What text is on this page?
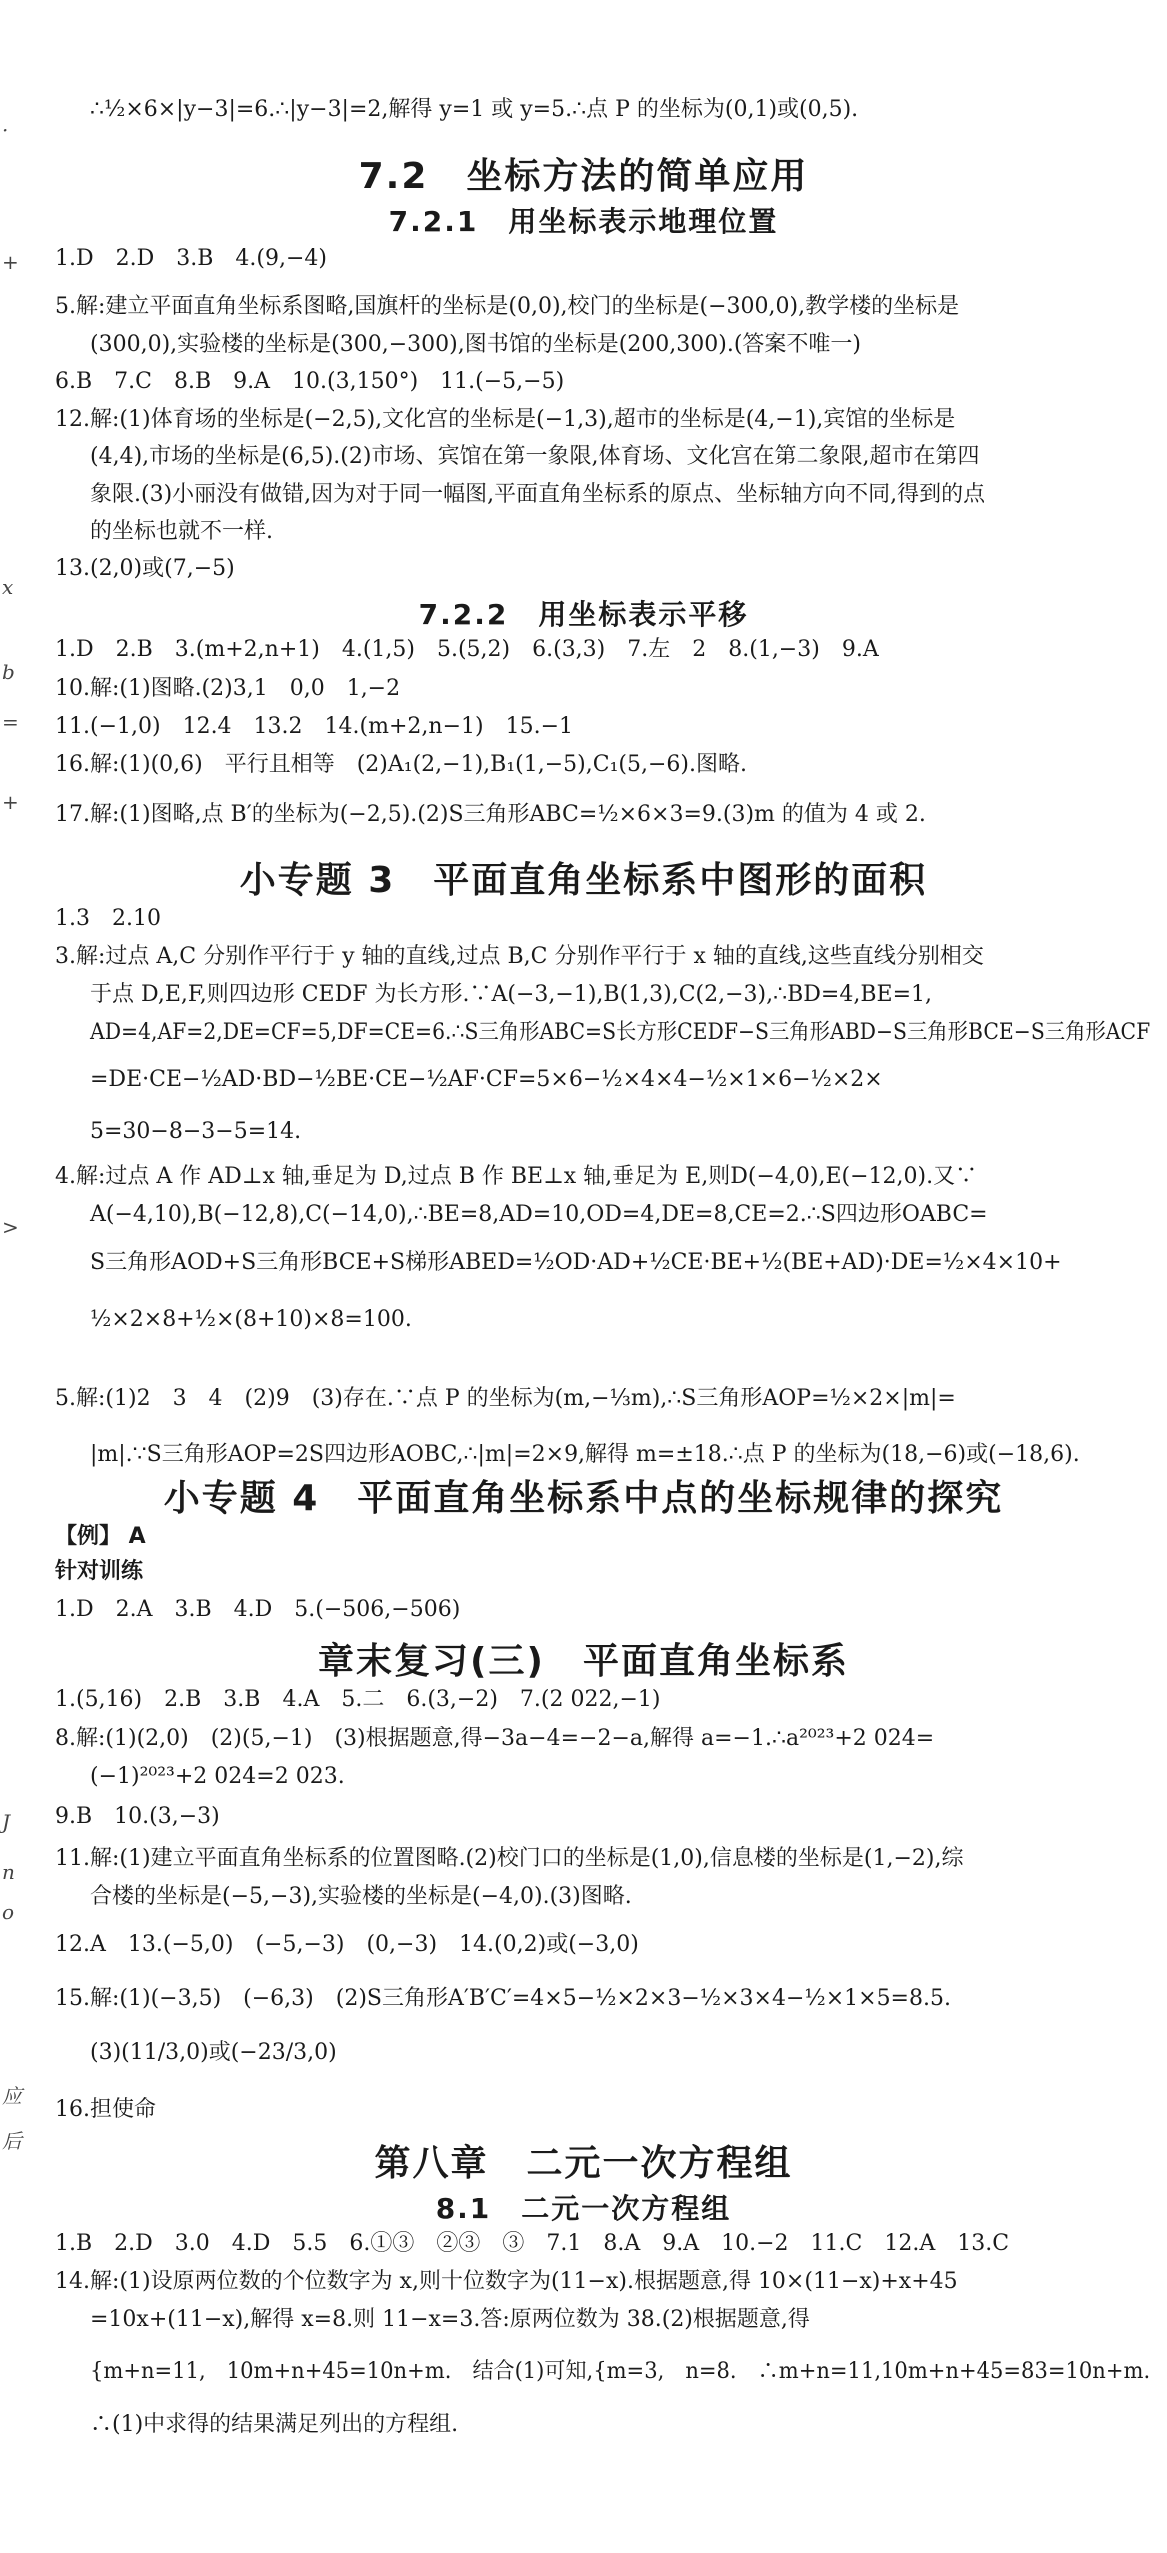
·
+
x
b
=
+
>
J
n
o
应
后
∴½×6×|y−3|=6.∴|y−3|=2,解得 y=1 或 y=5.∴点 P 的坐标为(0,1)或(0,5).
7.2　坐标方法的简单应用
7.2.1　用坐标表示地理位置
1.D　2.D　3.B　4.(9,−4)
5.解:建立平面直角坐标系图略,国旗杆的坐标是(0,0),校门的坐标是(−300,0),教学楼的坐标是
(300,0),实验楼的坐标是(300,−300),图书馆的坐标是(200,300).(答案不唯一)
6.B　7.C　8.B　9.A　10.(3,150°)　11.(−5,−5)
12.解:(1)体育场的坐标是(−2,5),文化宫的坐标是(−1,3),超市的坐标是(4,−1),宾馆的坐标是
(4,4),市场的坐标是(6,5).(2)市场、宾馆在第一象限,体育场、文化宫在第二象限,超市在第四
象限.(3)小丽没有做错,因为对于同一幅图,平面直角坐标系的原点、坐标轴方向不同,得到的点
的坐标也就不一样.
13.(2,0)或(7,−5)
7.2.2　用坐标表示平移
1.D　2.B　3.(m+2,n+1)　4.(1,5)　5.(5,2)　6.(3,3)　7.左　2　8.(1,−3)　9.A
10.解:(1)图略.(2)3,1　0,0　1,−2
11.(−1,0)　12.4　13.2　14.(m+2,n−1)　15.−1
16.解:(1)(0,6)　平行且相等　(2)A₁(2,−1),B₁(1,−5),C₁(5,−6).图略.
17.解:(1)图略,点 B′的坐标为(−2,5).(2)S三角形ABC=½×6×3=9.(3)m 的值为 4 或 2.
小专题 3　平面直角坐标系中图形的面积
1.3　2.10
3.解:过点 A,C 分别作平行于 y 轴的直线,过点 B,C 分别作平行于 x 轴的直线,这些直线分别相交
于点 D,E,F,则四边形 CEDF 为长方形.∵A(−3,−1),B(1,3),C(2,−3),∴BD=4,BE=1,
AD=4,AF=2,DE=CF=5,DF=CE=6.∴S三角形ABC=S长方形CEDF−S三角形ABD−S三角形BCE−S三角形ACF
=DE·CE−½AD·BD−½BE·CE−½AF·CF=5×6−½×4×4−½×1×6−½×2×
5=30−8−3−5=14.
4.解:过点 A 作 AD⊥x 轴,垂足为 D,过点 B 作 BE⊥x 轴,垂足为 E,则D(−4,0),E(−12,0).又∵
A(−4,10),B(−12,8),C(−14,0),∴BE=8,AD=10,OD=4,DE=8,CE=2.∴S四边形OABC=
S三角形AOD+S三角形BCE+S梯形ABED=½OD·AD+½CE·BE+½(BE+AD)·DE=½×4×10+
½×2×8+½×(8+10)×8=100.
5.解:(1)2　3　4　(2)9　(3)存在.∵点 P 的坐标为(m,−⅓m),∴S三角形AOP=½×2×|m|=
|m|.∵S三角形AOP=2S四边形AOBC,∴|m|=2×9,解得 m=±18.∴点 P 的坐标为(18,−6)或(−18,6).
小专题 4　平面直角坐标系中点的坐标规律的探究
【例】 A
针对训练
1.D　2.A　3.B　4.D　5.(−506,−506)
章末复习(三)　平面直角坐标系
1.(5,16)　2.B　3.B　4.A　5.二　6.(3,−2)　7.(2 022,−1)
8.解:(1)(2,0)　(2)(5,−1)　(3)根据题意,得−3a−4=−2−a,解得 a=−1.∴a²⁰²³+2 024=
(−1)²⁰²³+2 024=2 023.
9.B　10.(3,−3)
11.解:(1)建立平面直角坐标系的位置图略.(2)校门口的坐标是(1,0),信息楼的坐标是(1,−2),综
合楼的坐标是(−5,−3),实验楼的坐标是(−4,0).(3)图略.
12.A　13.(−5,0)　(−5,−3)　(0,−3)　14.(0,2)或(−3,0)
15.解:(1)(−3,5)　(−6,3)　(2)S三角形A′B′C′=4×5−½×2×3−½×3×4−½×1×5=8.5.
(3)(11/3,0)或(−23/3,0)
16.担使命
第八章　二元一次方程组
8.1　二元一次方程组
1.B　2.D　3.0　4.D　5.5　6.①③　②③　③　7.1　8.A　9.A　10.−2　11.C　12.A　13.C
14.解:(1)设原两位数的个位数字为 x,则十位数字为(11−x).根据题意,得 10×(11−x)+x+45
=10x+(11−x),解得 x=8.则 11−x=3.答:原两位数为 38.(2)根据题意,得
{m+n=11,　10m+n+45=10n+m.　结合(1)可知,{m=3,　n=8.　∴m+n=11,10m+n+45=83=10n+m.
∴(1)中求得的结果满足列出的方程组.
